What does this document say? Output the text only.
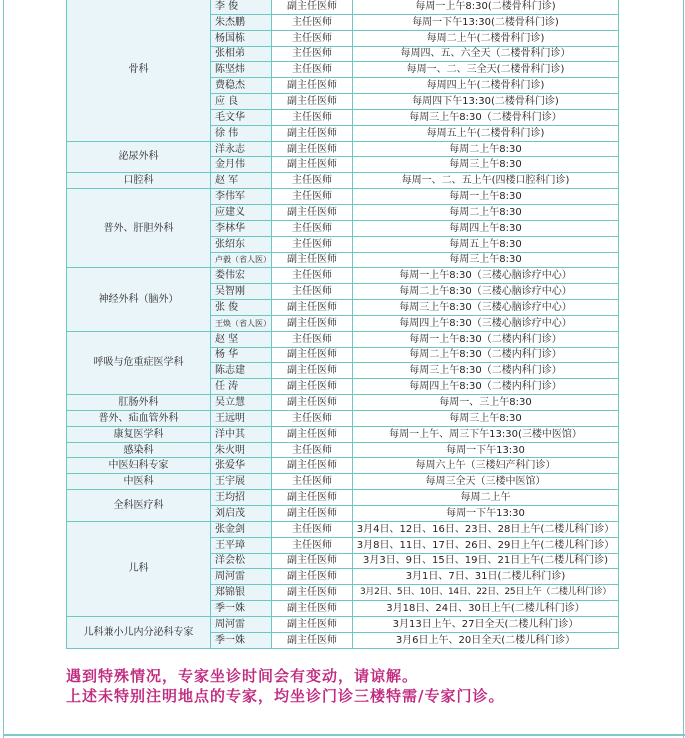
骨科	李 俊	副主任医师	每周一上午8:30(二楼骨科门诊)
	朱杰鹏	主任医师	每周一下午13:30(二楼骨科门诊)
	杨国栋	主任医师	每周二上午(二楼骨科门诊)
	张相弟	主任医师	每周四、五、六全天（二楼骨科门诊）
	陈坚炜	主任医师	每周一、二、三全天(二楼骨科门诊)
	费稳杰	副主任医师	每周四上午(二楼骨科门诊)
	应 良	副主任医师	每周四下午13:30(二楼骨科门诊)
	毛文华	主任医师	每周三上午8:30（二楼骨科门诊）
	徐 伟	副主任医师	每周五上午(二楼骨科门诊)
泌尿外科	洋永志	副主任医师	每周二上午8:30
	金月伟	副主任医师	每周三上午8:30
口腔科	赵 军	主任医师	每周一、二、五上午(四楼口腔科门诊)
普外、肝胆外科	李伟军	主任医师	每周一上午8:30
	应建义	副主任医师	每周二上午8:30
	李林华	主任医师	每周四上午8:30
	张绍东	主任医师	每周五上午8:30
	卢毅（省人医）	副主任医师	每周三上午8:30
神经外科（脑外）	娄伟宏	主任医师	每周一上午8:30（三楼心脑诊疗中心）
	吴智刚	主任医师	每周二上午8:30（三楼心脑诊疗中心）
	张 俊	副主任医师	每周三上午8:30（三楼心脑诊疗中心）
	王焕（省人医）	副主任医师	每周四上午8:30（三楼心脑诊疗中心）
呼吸与危重症医学科	赵 坚	主任医师	每周一上午8:30（二楼内科门诊）
	杨 华	副主任医师	每周二上午8:30（二楼内科门诊）
	陈志建	副主任医师	每周三上午8:30（二楼内科门诊）
	任 涛	副主任医师	每周四上午8:30（二楼内科门诊）
肛肠外科	吴立慧	副主任医师	每周一、三上午8:30
普外、疝血管外科	王远明	主任医师	每周三上午8:30
康复医学科	洋中其	副主任医师	每周一上午、周三下午13:30(三楼中医馆）
感染科	朱火明	主任医师	每周一下午13:30
中医妇科专家	张爱华	副主任医师	每周六上午（三楼妇产科门诊）
中医科	王宇展	主任医师	每周三全天（三楼中医馆）
全科医疗科	王均招	副主任医师	每周二上午
	刘启茂	副主任医师	每周一下午13:30
儿科	张金剑	主任医师	3月4日、12日、16日、23日、28日上午(二楼儿科门诊）
	王平璋	主任医师	3月8日、11日、17日、26日、29日上午(二楼儿科门诊）
	洋会松	副主任医师	3月3日、9日、15日、19日、21日上午(二楼儿科门诊)
	周河雷	副主任医师	3月1日、7日、31日(二楼儿科门诊)
	郑锦银	副主任医师	3月2日、5日、10日、14日、22日、25日上午（二楼儿科门诊）
	季一姝	副主任医师	3月18日、24日、30日上午(二楼儿科门诊）
儿科兼小儿内分泌科专家	周河雷	副主任医师	3月13日上午、27日全天(二楼儿科门诊）
	季一姝	副主任医师	3月6日上午、20日全天(二楼儿科门诊）
遇到特殊情况，专家坐诊时间会有变动，请谅解。
上述未特别注明地点的专家，均坐诊门诊三楼特需/专家门诊。
